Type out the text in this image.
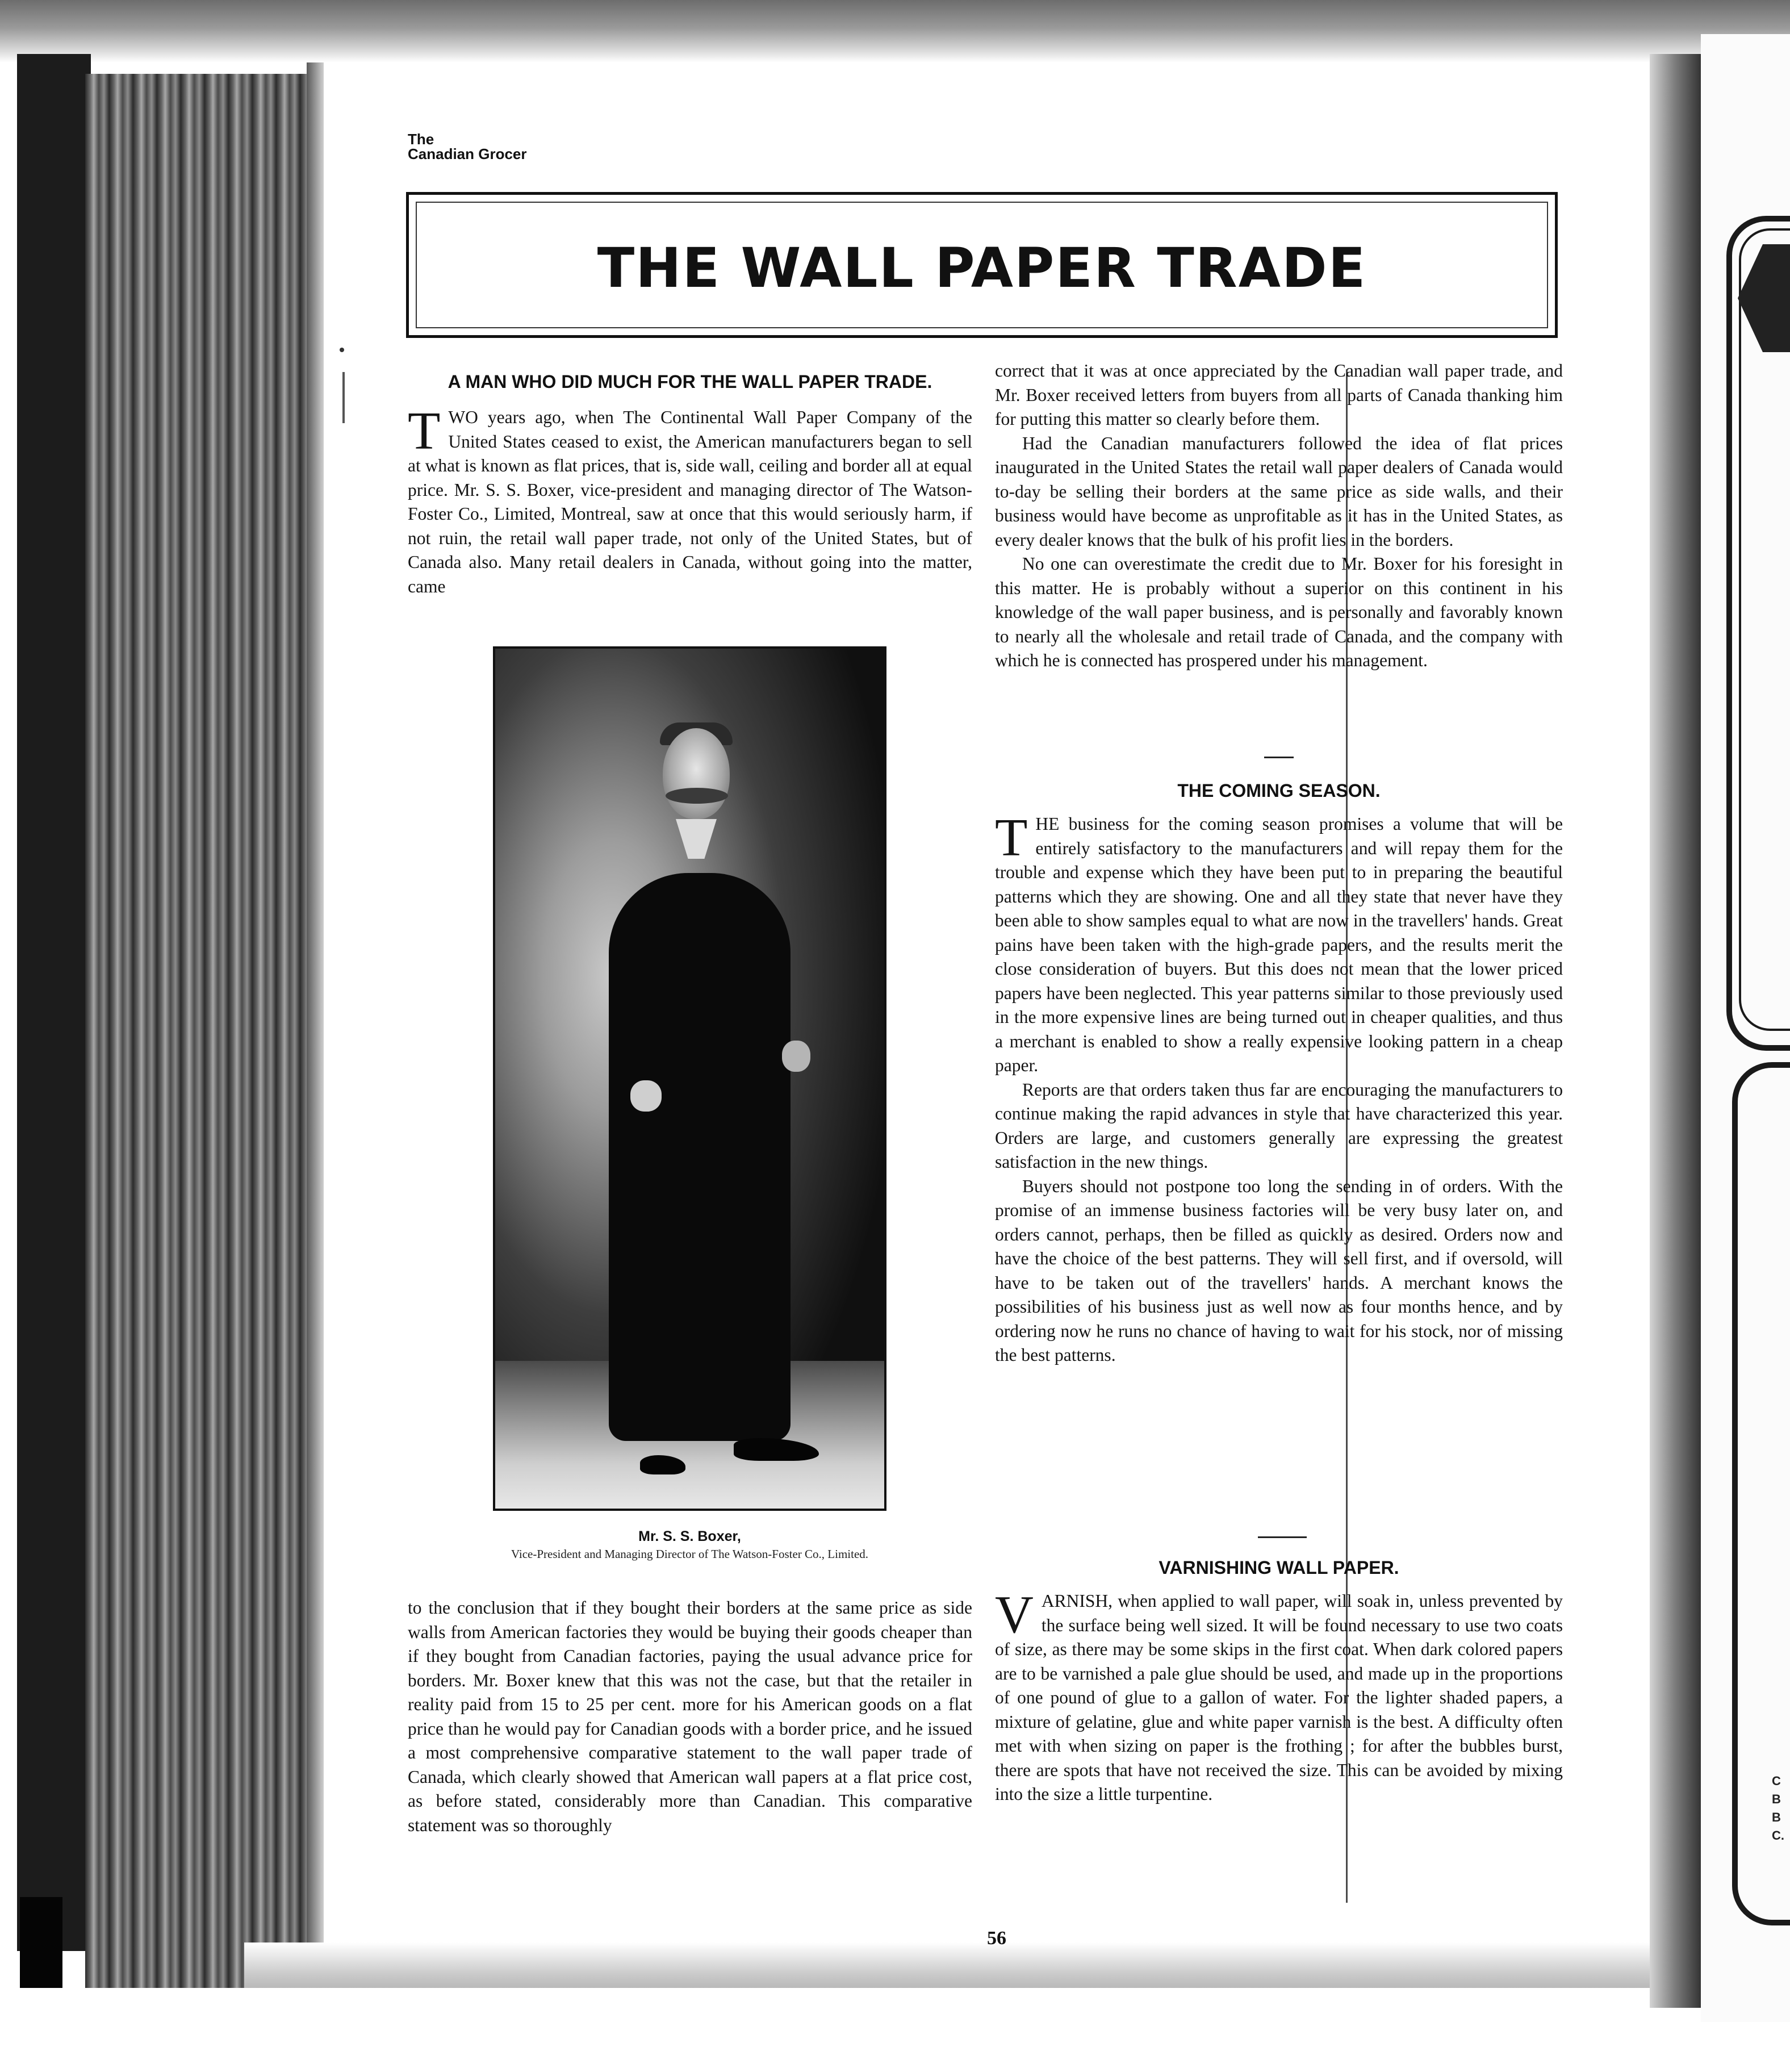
C
B
B
C.
The
Canadian Grocer
THE WALL PAPER TRADE
A MAN WHO DID MUCH FOR THE WALL PAPER TRADE.

T WO years ago, when The Continental Wall Paper Company of the United States ceased to exist, the American manufacturers began to sell at what is known as flat prices, that is, side wall, ceiling and border all at equal price. Mr. S. S. Boxer, vice-president and managing director of The Watson-Foster Co., Limited, Montreal, saw at once that this would seriously harm, if not ruin, the retail wall paper trade, not only of the United States, but of Canada also. Many retail dealers in Canada, without going into the matter, came

Mr. S. S. Boxer,
Vice-President and Managing Director of The Watson-Foster Co., Limited.

to the conclusion that if they bought their borders at the same price as side walls from American factories they would be buying their goods cheaper than if they bought from Canadian factories, paying the usual advance price for borders. Mr. Boxer knew that this was not the case, but that the retailer in reality paid from 15 to 25 per cent. more for his American goods on a flat price than he would pay for Canadian goods with a border price, and he issued a most comprehensive comparative statement to the wall paper trade of Canada, which clearly showed that American wall papers at a flat price cost, as before stated, considerably more than Canadian. This comparative statement was so thoroughly

correct that it was at once appreciated by the Canadian wall paper trade, and Mr. Boxer received letters from buyers from all parts of Canada thanking him for putting this matter so clearly before them.

Had the Canadian manufacturers followed the idea of flat prices inaugurated in the United States the retail wall paper dealers of Canada would to-day be selling their borders at the same price as side walls, and their business would have become as unprofitable as it has in the United States, as every dealer knows that the bulk of his profit lies in the borders.

No one can overestimate the credit due to Mr. Boxer for his foresight in this matter. He is probably without a superior on this continent in his knowledge of the wall paper business, and is personally and favorably known to nearly all the wholesale and retail trade of Canada, and the company with which he is connected has prospered under his management.

THE COMING SEASON.

T HE business for the coming season promises a volume that will be entirely satisfactory to the manufacturers and will repay them for the trouble and expense which they have been put to in preparing the beautiful patterns which they are showing. One and all they state that never have they been able to show samples equal to what are now in the travellers' hands. Great pains have been taken with the high-grade papers, and the results merit the close consideration of buyers. But this does not mean that the lower priced papers have been neglected. This year patterns similar to those previously used in the more expensive lines are being turned out in cheaper qualities, and thus a merchant is enabled to show a really expensive looking pattern in a cheap paper.

Reports are that orders taken thus far are encouraging the manufacturers to continue making the rapid advances in style that have characterized this year. Orders are large, and customers generally are expressing the greatest satisfaction in the new things.

Buyers should not postpone too long the sending in of orders. With the promise of an immense business factories will be very busy later on, and orders cannot, perhaps, then be filled as quickly as desired. Orders now and have the choice of the best patterns. They will sell first, and if oversold, will have to be taken out of the travellers' hands. A merchant knows the possibilities of his business just as well now as four months hence, and by ordering now he runs no chance of having to wait for his stock, nor of missing the best patterns.

VARNISHING WALL PAPER.

V ARNISH, when applied to wall paper, will soak in, unless prevented by the surface being well sized. It will be found necessary to use two coats of size, as there may be some skips in the first coat. When dark colored papers are to be varnished a pale glue should be used, and made up in the proportions of one pound of glue to a gallon of water. For the lighter shaded papers, a mixture of gelatine, glue and white paper varnish is the best. A difficulty often met with when sizing on paper is the frothing ; for after the bubbles burst, there are spots that have not received the size. This can be avoided by mixing into the size a little turpentine.

56
